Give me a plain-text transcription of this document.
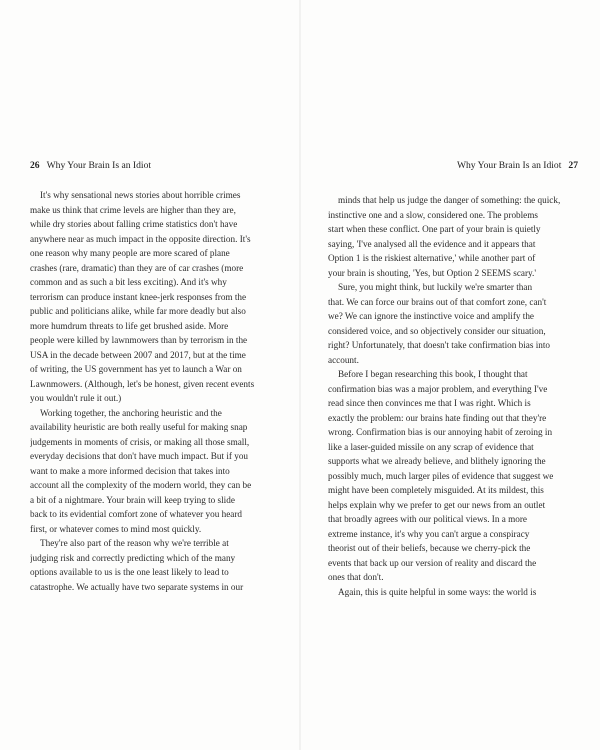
26 Why Your Brain Is an Idiot

It's why sensational news stories about horrible crimes
make us think that crime levels are higher than they are,
while dry stories about falling crime statistics don't have
anywhere near as much impact in the opposite direction. It's
one reason why many people are more scared of plane
crashes (rare, dramatic) than they are of car crashes (more
common and as such a bit less exciting). And it's why
terrorism can produce instant knee-jerk responses from the
public and politicians alike, while far more deadly but also
more humdrum threats to life get brushed aside. More
people were killed by lawnmowers than by terrorism in the
USA in the decade between 2007 and 2017, but at the time
of writing, the US government has yet to launch a War on
Lawnmowers. (Although, let's be honest, given recent events
you wouldn't rule it out.)

Working together, the anchoring heuristic and the
availability heuristic are both really useful for making snap
judgements in moments of crisis, or making all those small,
everyday decisions that don't have much impact. But if you
want to make a more informed decision that takes into
account all the complexity of the modern world, they can be
a bit of a nightmare. Your brain will keep trying to slide
back to its evidential comfort zone of whatever you heard
first, or whatever comes to mind most quickly.

They're also part of the reason why we're terrible at
judging risk and correctly predicting which of the many
options available to us is the one least likely to lead to
catastrophe. We actually have two separate systems in our

Why Your Brain Is an Idiot 27

minds that help us judge the danger of something: the quick,
instinctive one and a slow, considered one. The problems
start when these conflict. One part of your brain is quietly
saying, 'I've analysed all the evidence and it appears that
Option 1 is the riskiest alternative,' while another part of
your brain is shouting, 'Yes, but Option 2 SEEMS scary.'

Sure, you might think, but luckily we're smarter than
that. We can force our brains out of that comfort zone, can't
we? We can ignore the instinctive voice and amplify the
considered voice, and so objectively consider our situation,
right? Unfortunately, that doesn't take confirmation bias into
account.

Before I began researching this book, I thought that
confirmation bias was a major problem, and everything I've
read since then convinces me that I was right. Which is
exactly the problem: our brains hate finding out that they're
wrong. Confirmation bias is our annoying habit of zeroing in
like a laser-guided missile on any scrap of evidence that
supports what we already believe, and blithely ignoring the
possibly much, much larger piles of evidence that suggest we
might have been completely misguided. At its mildest, this
helps explain why we prefer to get our news from an outlet
that broadly agrees with our political views. In a more
extreme instance, it's why you can't argue a conspiracy
theorist out of their beliefs, because we cherry-pick the
events that back up our version of reality and discard the
ones that don't.

Again, this is quite helpful in some ways: the world is
